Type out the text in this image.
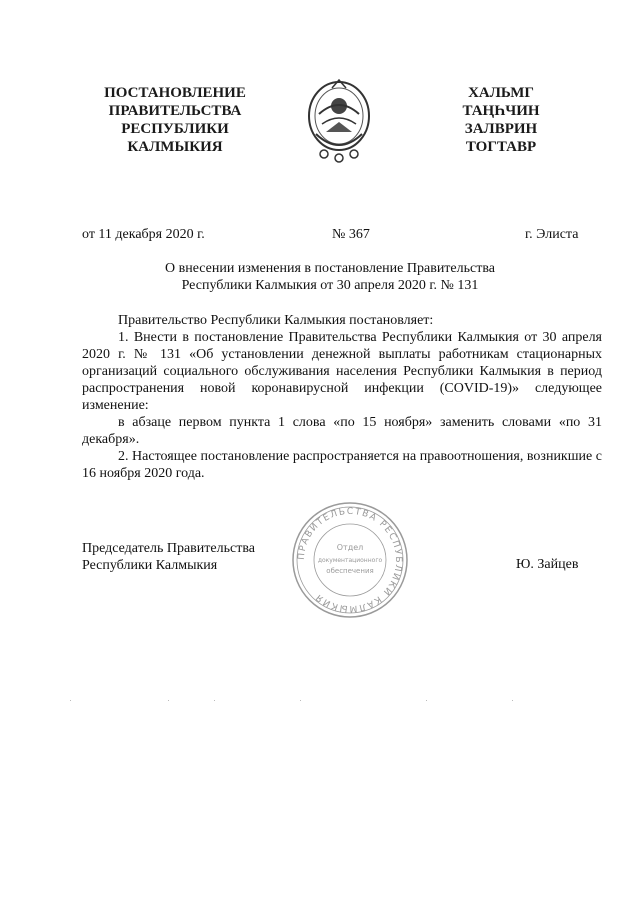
ПОСТАНОВЛЕНИЕ
ПРАВИТЕЛЬСТВА
РЕСПУБЛИКИ
КАЛМЫКИЯ
ХАЛЬМГ
ТАҢҺЧИН
ЗАЛВРИН
ТОГТАВР
от 11 декабря 2020 г.	№ 367	г. Элиста
О внесении изменения в постановление Правительства
Республики Калмыкия от 30 апреля 2020 г. № 131

Правительство Республики Калмыкия постановляет:

1. Внести в постановление Правительства Республики Калмыкия от 30 апреля 2020 г. № 131 «Об установлении денежной выплаты работникам стационарных организаций социального обслуживания населения Республики Калмыкия в период распространения новой коронавирусной инфекции (COVID-19)» следующее изменение:

в абзаце первом пункта 1 слова «по 15 ноября» заменить словами «по 31 декабря».

2. Настоящее постановление распространяется на правоотношения, возникшие с 16 ноября 2020 года.

Председатель Правительства
Республики Калмыкия	Ю. Зайцев
ПРАВИТЕЛЬСТВА РЕСПУБЛИКИ КАЛМЫКИЯ
Отдел
документационного
обеспечения
